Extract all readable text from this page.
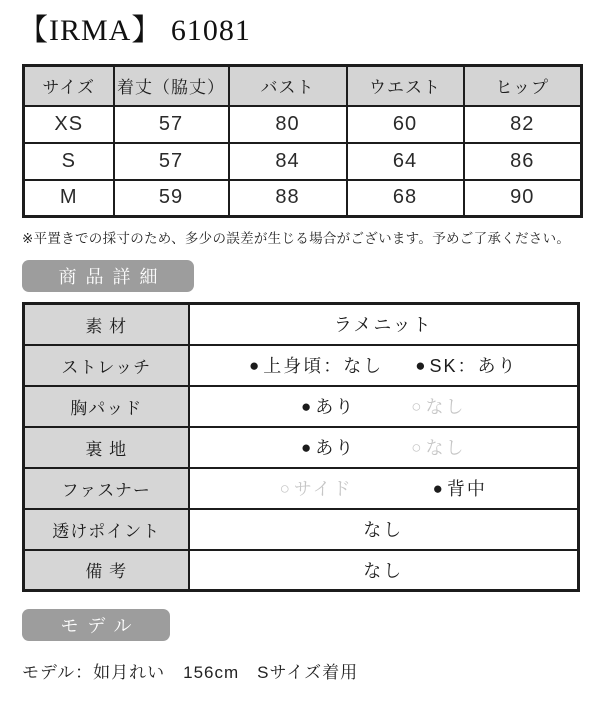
【IRMA】 61081
サイズ	着丈（脇丈）	バスト	ウエスト	ヒップ
XS	57	80	60	82
S	57	84	64	86
M	59	88	68	90
※平置きでの採寸のため、多少の誤差が生じる場合がございます。予めご了承ください。
商品詳細
素 材	ラメニット
ストレッチ	● 上身頃：なし ● SK：あり

胸パッド	● あり ○ なし

裏 地	● あり ○ なし

ファスナー	○ サイド ● 背中

透けポイント	なし
備 考	なし
モデル
モデル：如月れい　156cm　Sサイズ着用
